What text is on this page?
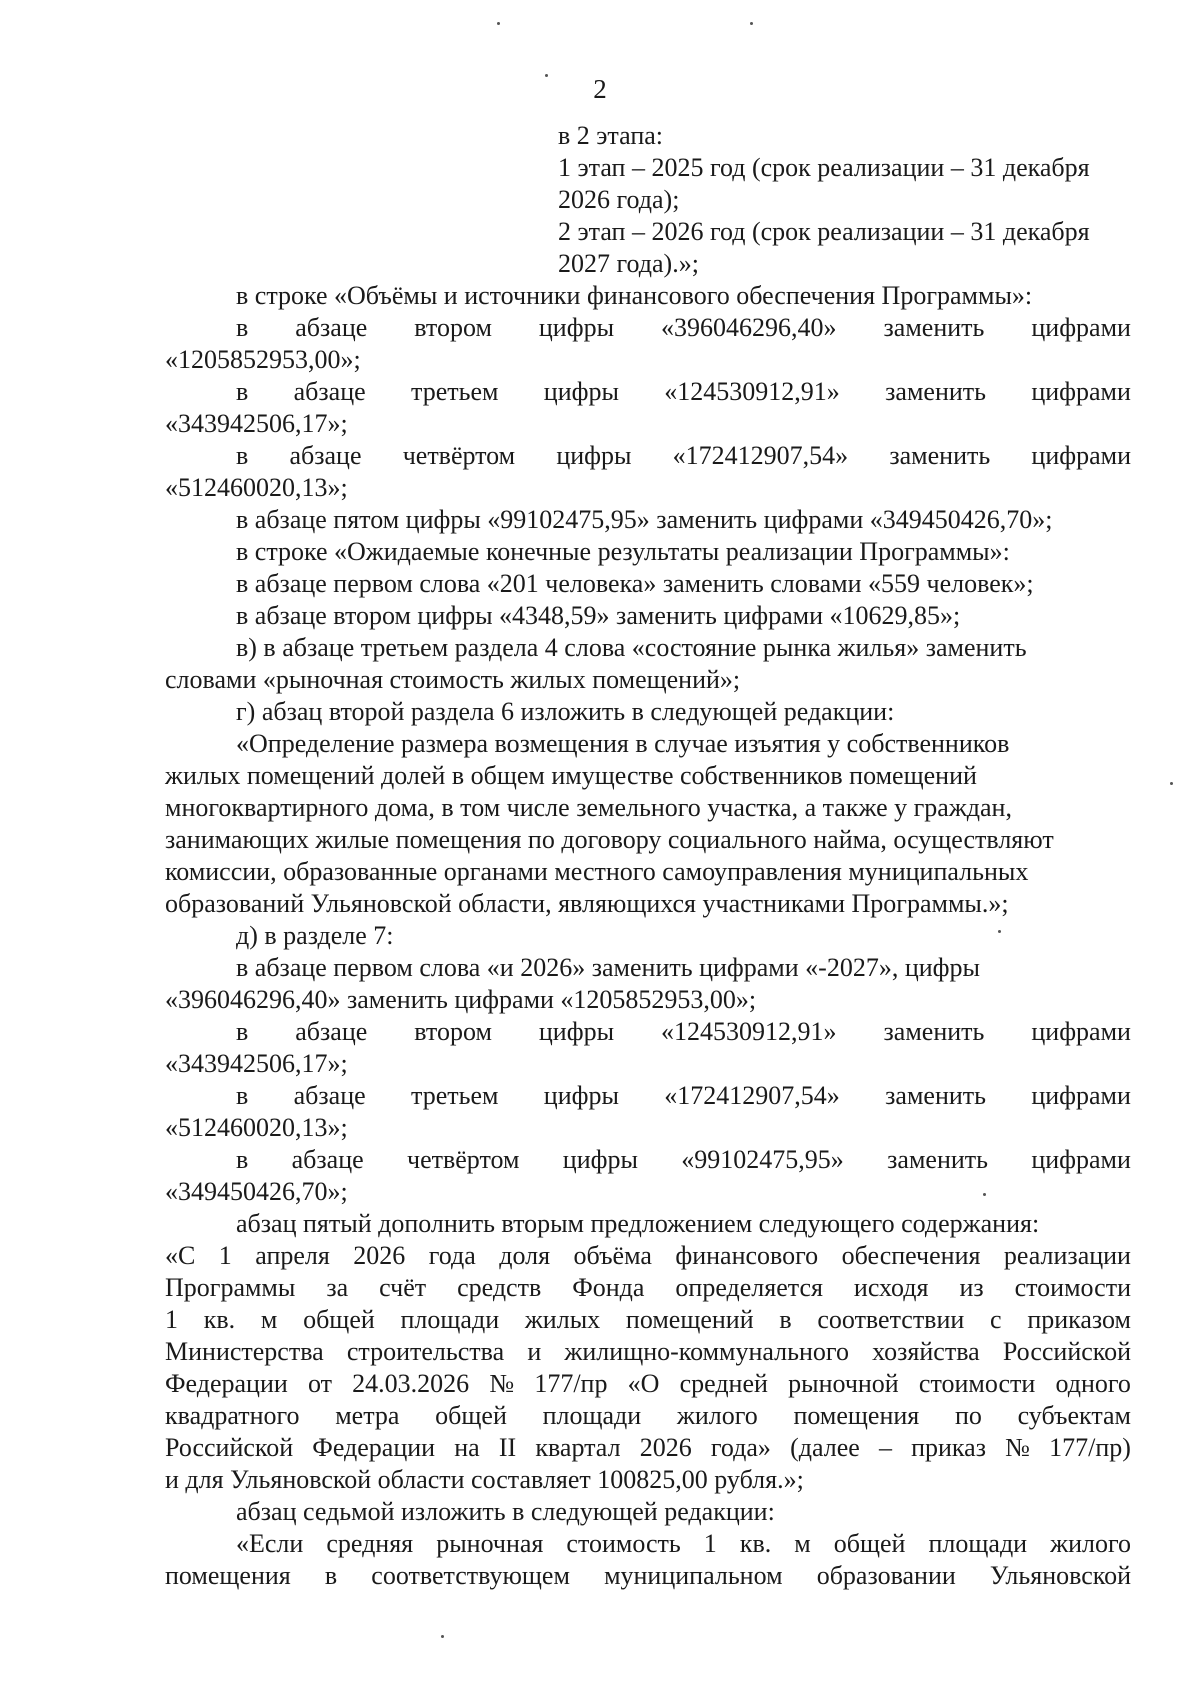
2
в 2 этапа:
1 этап – 2025 год (срок реализации – 31 декабря
2026 года);
2 этап – 2026 год (срок реализации – 31 декабря
2027 года).»;
в строке «Объёмы и источники финансового обеспечения Программы»:
в абзаце втором цифры «396046296,40» заменить цифрами
«1205852953,00»;
в абзаце третьем цифры «124530912,91» заменить цифрами
«343942506,17»;
в абзаце четвёртом цифры «172412907,54» заменить цифрами
«512460020,13»;
в абзаце пятом цифры «99102475,95» заменить цифрами «349450426,70»;
в строке «Ожидаемые конечные результаты реализации Программы»:
в абзаце первом слова «201 человека» заменить словами «559 человек»;
в абзаце втором цифры «4348,59» заменить цифрами «10629,85»;
в) в абзаце третьем раздела 4 слова «состояние рынка жилья» заменить
словами «рыночная стоимость жилых помещений»;
г) абзац второй раздела 6 изложить в следующей редакции:
«Определение размера возмещения в случае изъятия у собственников
жилых помещений долей в общем имуществе собственников помещений
многоквартирного дома, в том числе земельного участка, а также у граждан,
занимающих жилые помещения по договору социального найма, осуществляют
комиссии, образованные органами местного самоуправления муниципальных
образований Ульяновской области, являющихся участниками Программы.»;
д) в разделе 7:
в абзаце первом слова «и 2026» заменить цифрами «-2027», цифры
«396046296,40» заменить цифрами «1205852953,00»;
в абзаце втором цифры «124530912,91» заменить цифрами
«343942506,17»;
в абзаце третьем цифры «172412907,54» заменить цифрами
«512460020,13»;
в абзаце четвёртом цифры «99102475,95» заменить цифрами
«349450426,70»;
абзац пятый дополнить вторым предложением следующего содержания:
«С 1 апреля 2026 года доля объёма финансового обеспечения реализации
Программы за счёт средств Фонда определяется исходя из стоимости
1 кв. м общей площади жилых помещений в соответствии с приказом
Министерства строительства и жилищно-коммунального хозяйства Российской
Федерации от 24.03.2026 № 177/пр «О средней рыночной стоимости одного
квадратного метра общей площади жилого помещения по субъектам
Российской Федерации на II квартал 2026 года» (далее – приказ № 177/пр)
и для Ульяновской области составляет 100825,00 рубля.»;
абзац седьмой изложить в следующей редакции:
«Если средняя рыночная стоимость 1 кв. м общей площади жилого
помещения в соответствующем муниципальном образовании Ульяновской
